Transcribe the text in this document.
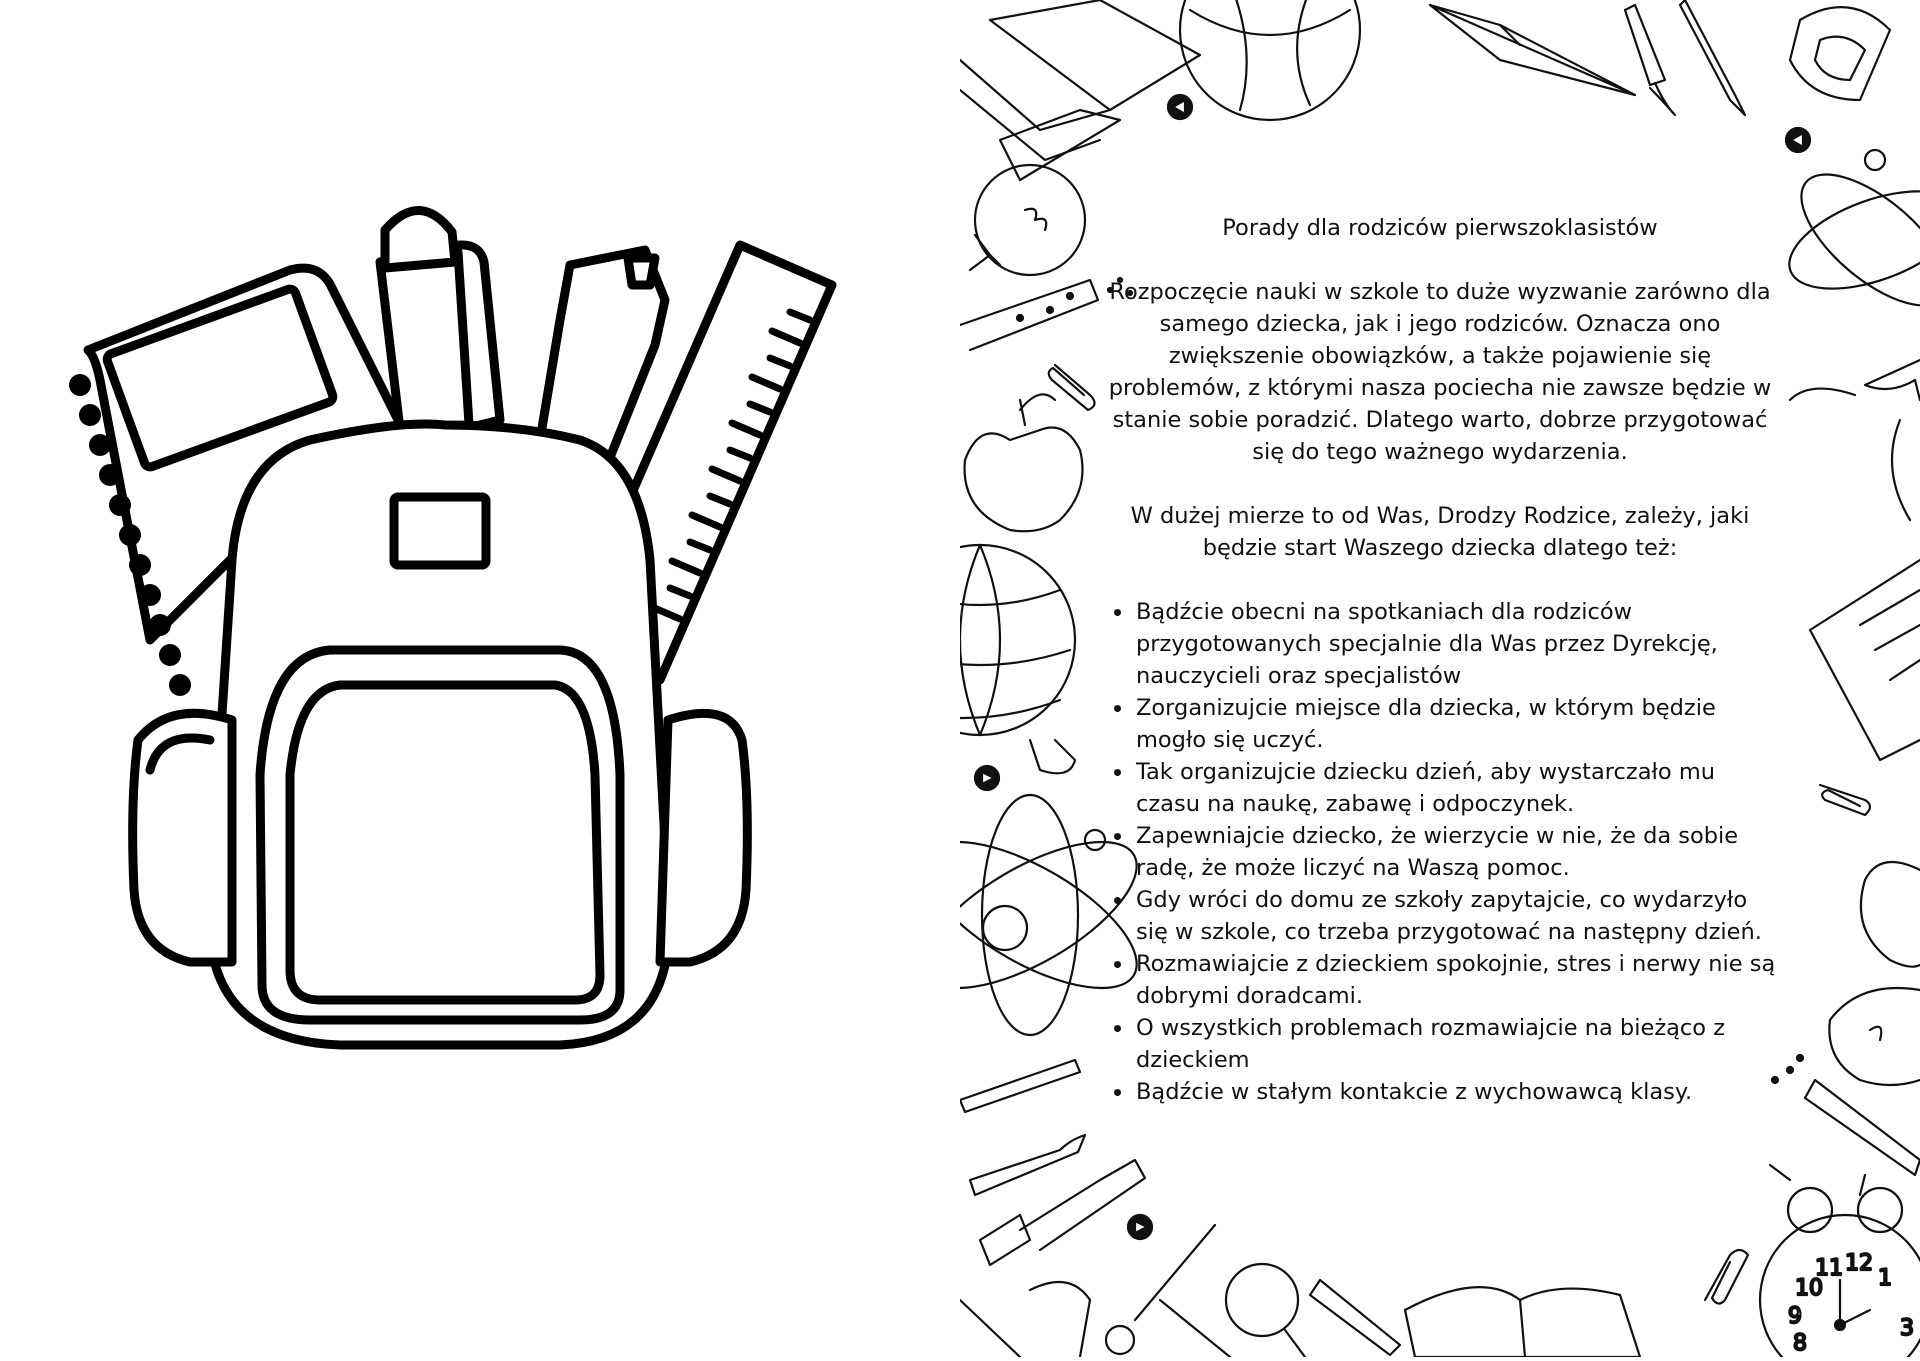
11 12
10	1
9
8
3

Porady dla rodziców pierwszoklasistów

Rozpoczęcie nauki w szkole to duże wyzwanie zarówno dla samego dziecka, jak i jego rodziców. Oznacza ono zwiększenie obowiązków, a także pojawienie się problemów, z którymi nasza pociecha nie zawsze będzie w stanie sobie poradzić. Dlatego warto, dobrze przygotować się do tego ważnego wydarzenia.

W dużej mierze to od Was, Drodzy Rodzice, zależy, jaki będzie start Waszego dziecka dlatego też:

• Bądźcie obecni na spotkaniach dla rodziców przygotowanych specjalnie dla Was przez Dyrekcję, nauczycieli oraz specjalistów
• Zorganizujcie miejsce dla dziecka, w którym będzie mogło się uczyć.
• Tak organizujcie dziecku dzień, aby wystarczało mu czasu na naukę, zabawę i odpoczynek.
• Zapewniajcie dziecko, że wierzycie w nie, że da sobie radę, że może liczyć na Waszą pomoc.
• Gdy wróci do domu ze szkoły zapytajcie, co wydarzyło się w szkole, co trzeba przygotować na następny dzień.
• Rozmawiajcie z dzieckiem spokojnie, stres i nerwy nie są dobrymi doradcami.
• O wszystkich problemach rozmawiajcie na bieżąco z dzieckiem
• Bądźcie w stałym kontakcie z wychowawcą klasy.
